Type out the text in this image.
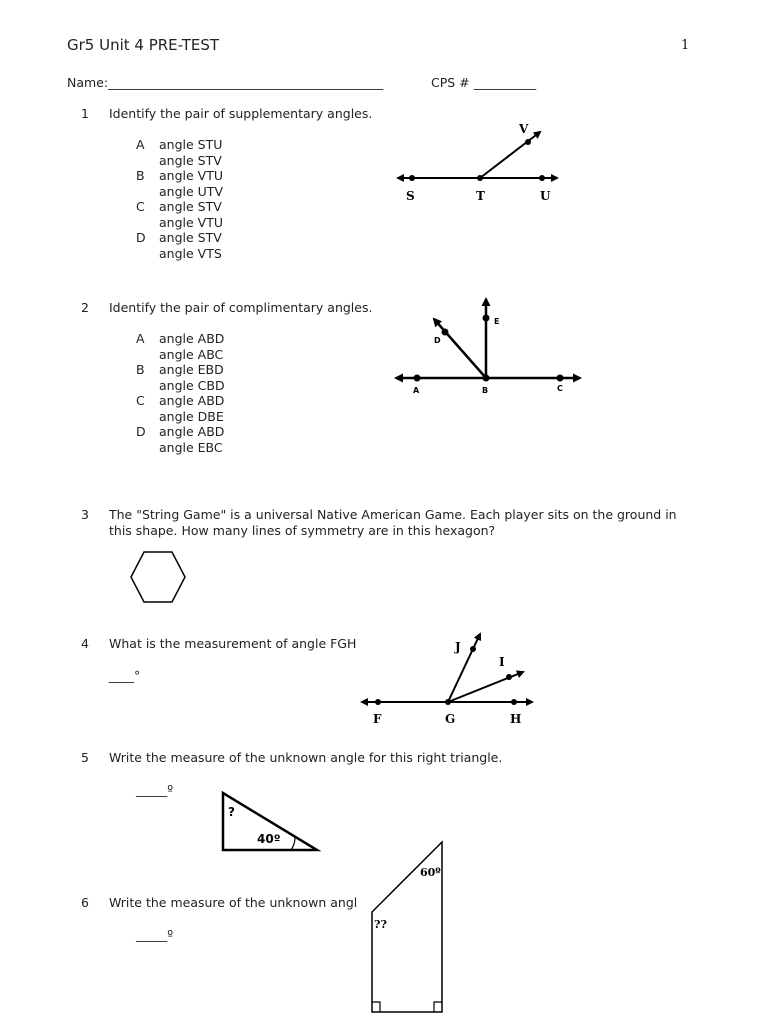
Gr5 Unit 4 PRE-TEST	1
Name:____________________________________________	CPS # __________
1 Identify the pair of supplementary angles.
A angle STU
angle STV
B angle VTU
angle UTV
C angle STV
angle VTU
D angle STV
angle VTS
S	T	U
V
2 Identify the pair of complimentary angles.
A angle ABD
angle ABC
B angle EBD
angle CBD
C angle ABD
angle DBE
D angle ABD
angle EBC
A	B	C
D
E
3 The "String Game" is a universal Native American Game. Each player sits on the ground in
this shape. How many lines of symmetry are in this hexagon?
4 What is the measurement of angle FGH
____°
F	G	H
I
J
5 Write the measure of the unknown angle for this right triangle.
_____º
?
40º
6 Write the measure of the unknown angl
_____º
60º
??
